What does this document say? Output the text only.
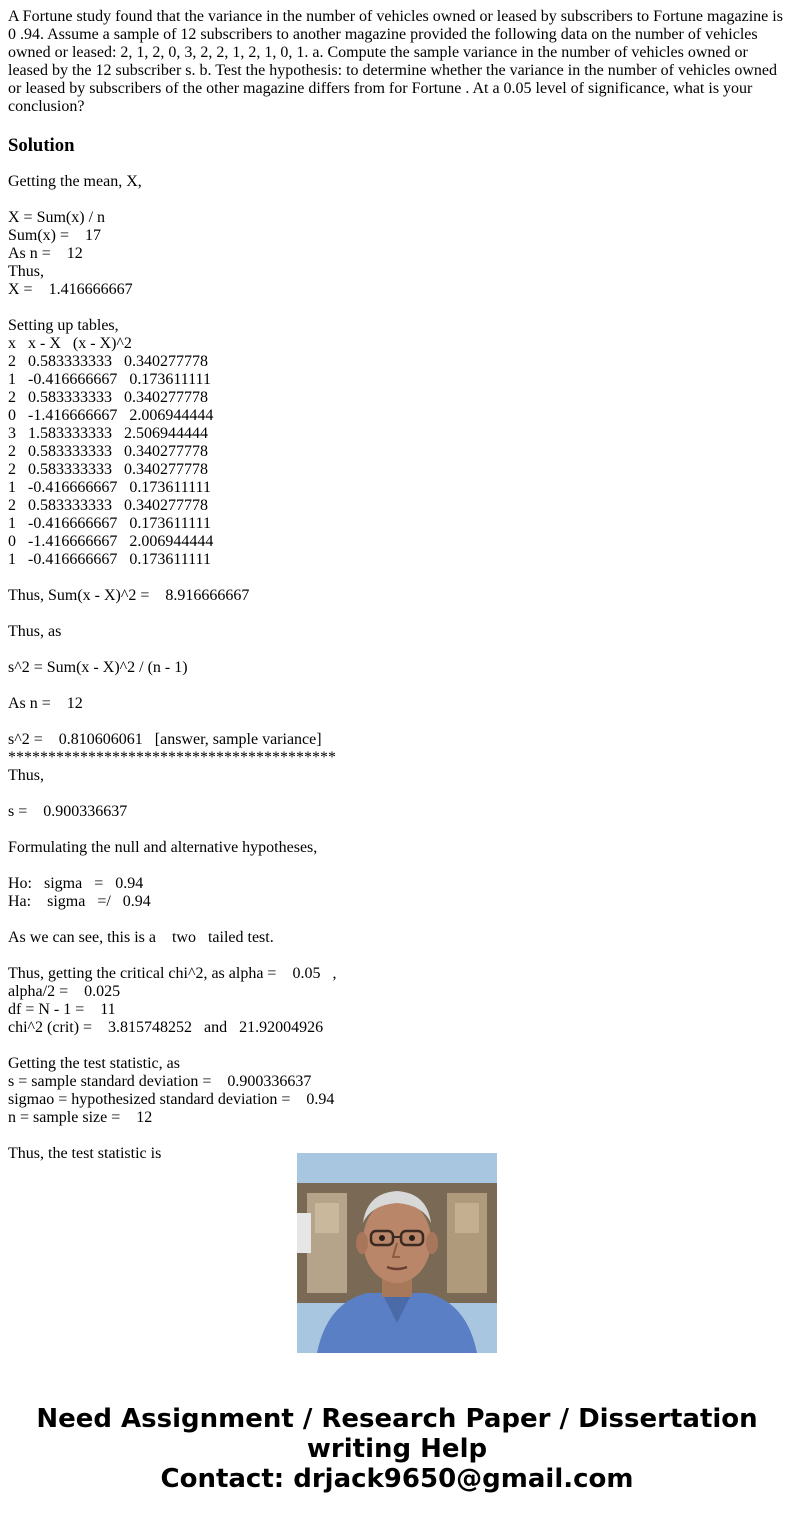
A Fortune study found that the variance in the number of vehicles owned or leased by subscribers to Fortune magazine is 0 .94. Assume a sample of 12 subscribers to another magazine provided the following data on the number of vehicles owned or leased: 2, 1, 2, 0, 3, 2, 2, 1, 2, 1, 0, 1. a. Compute the sample variance in the number of vehicles owned or leased by the 12 subscriber s. b. Test the hypothesis: to determine whether the variance in the number of vehicles owned or leased by subscribers of the other magazine differs from for Fortune . At a 0.05 level of significance, what is your conclusion?

Solution
Getting the mean, X,

X = Sum(x) / n
Sum(x) =    17
As n =    12
Thus,
X =    1.416666667

Setting up tables,
x   x - X   (x - X)^2
2   0.583333333   0.340277778
1   -0.416666667   0.173611111
2   0.583333333   0.340277778
0   -1.416666667   2.006944444
3   1.583333333   2.506944444
2   0.583333333   0.340277778
2   0.583333333   0.340277778
1   -0.416666667   0.173611111
2   0.583333333   0.340277778
1   -0.416666667   0.173611111
0   -1.416666667   2.006944444
1   -0.416666667   0.173611111

Thus, Sum(x - X)^2 =    8.916666667

Thus, as

s^2 = Sum(x - X)^2 / (n - 1)

As n =    12

s^2 =    0.810606061   [answer, sample variance]
*****************************************
Thus,

s =    0.900336637

Formulating the null and alternative hypotheses,

Ho:   sigma   =   0.94
Ha:    sigma   =/   0.94

As we can see, this is a    two   tailed test.

Thus, getting the critical chi^2, as alpha =    0.05   ,
alpha/2 =    0.025
df = N - 1 =    11
chi^2 (crit) =    3.815748252   and   21.92004926

Getting the test statistic, as
s = sample standard deviation =    0.900336637
sigmao = hypothesized standard deviation =    0.94
n = sample size =    12

Thus, the test statistic is
Need Assignment / Research Paper / Dissertation
writing Help
Contact: drjack9650@gmail.com
